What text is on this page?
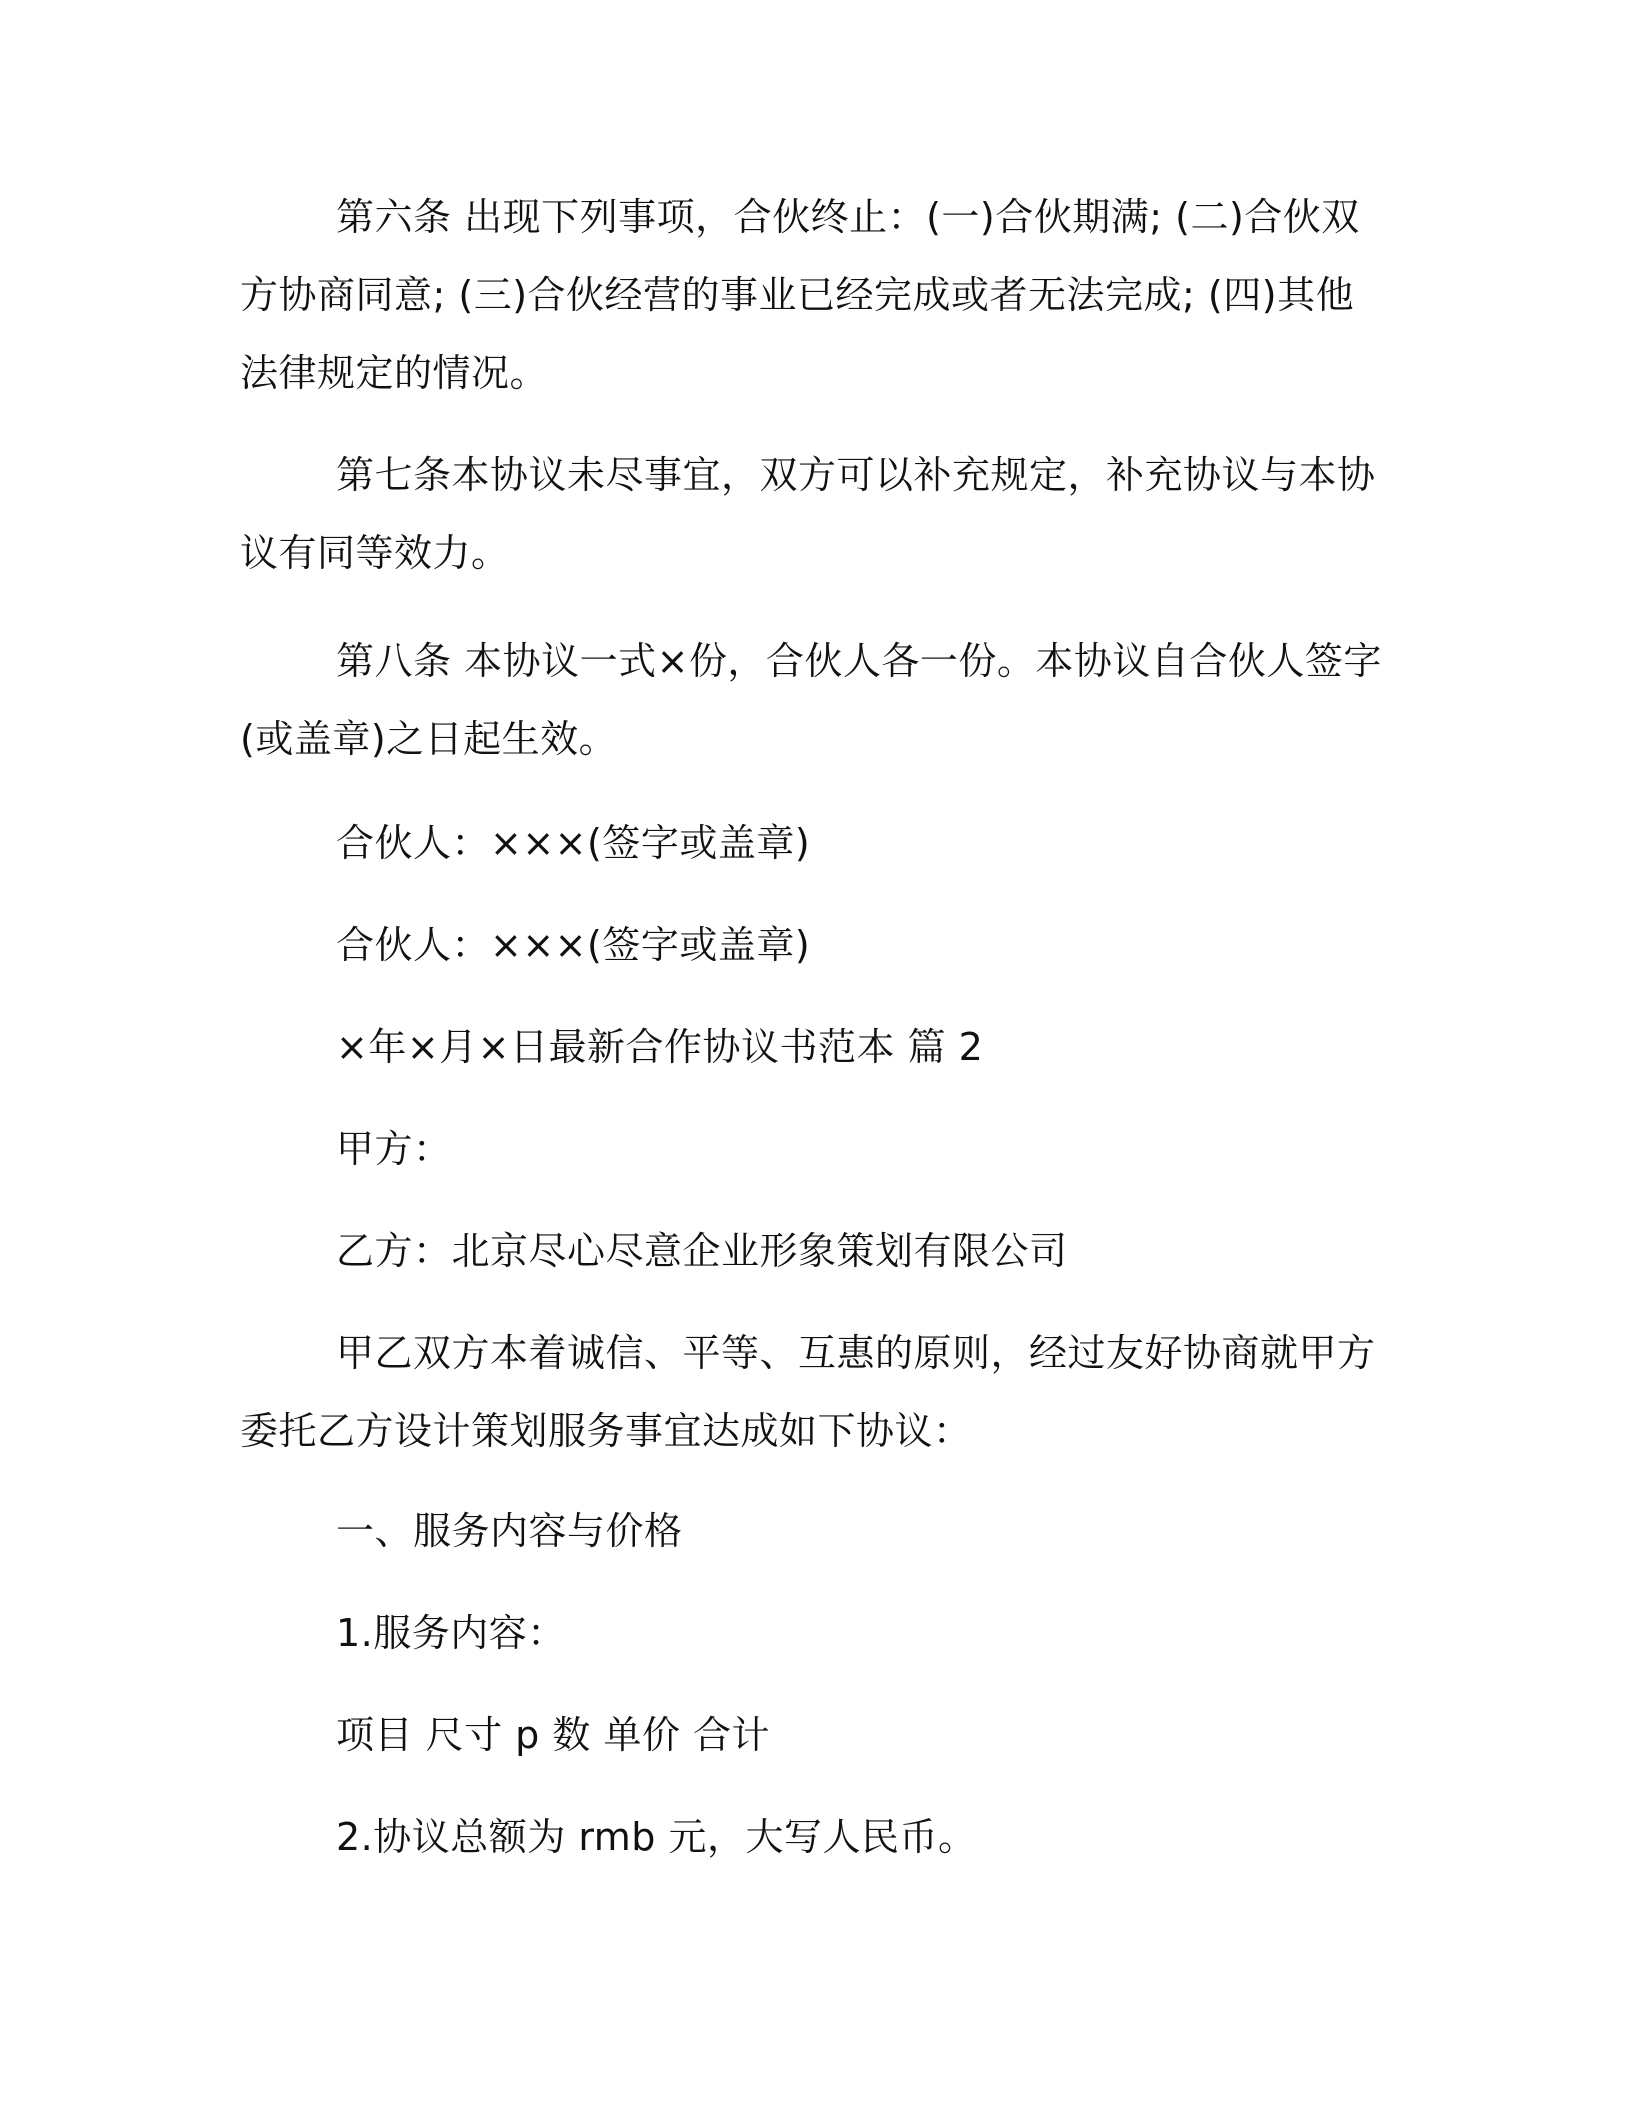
第六条 出现下列事项，合伙终止：(一)合伙期满; (二)合伙双方协商同意; (三)合伙经营的事业已经完成或者无法完成; (四)其他法律规定的情况。
第七条本协议未尽事宜，双方可以补充规定，补充协议与本协议有同等效力。
第八条 本协议一式×份，合伙人各一份。本协议自合伙人签字(或盖章)之日起生效。
合伙人：×××(签字或盖章)
合伙人：×××(签字或盖章)
×年×月×日最新合作协议书范本 篇 2
甲方：
乙方：北京尽心尽意企业形象策划有限公司
甲乙双方本着诚信、平等、互惠的原则，经过友好协商就甲方委托乙方设计策划服务事宜达成如下协议：
一、服务内容与价格
1.服务内容：
项目 尺寸 p 数 单价 合计
2.协议总额为 rmb 元，大写人民币。
